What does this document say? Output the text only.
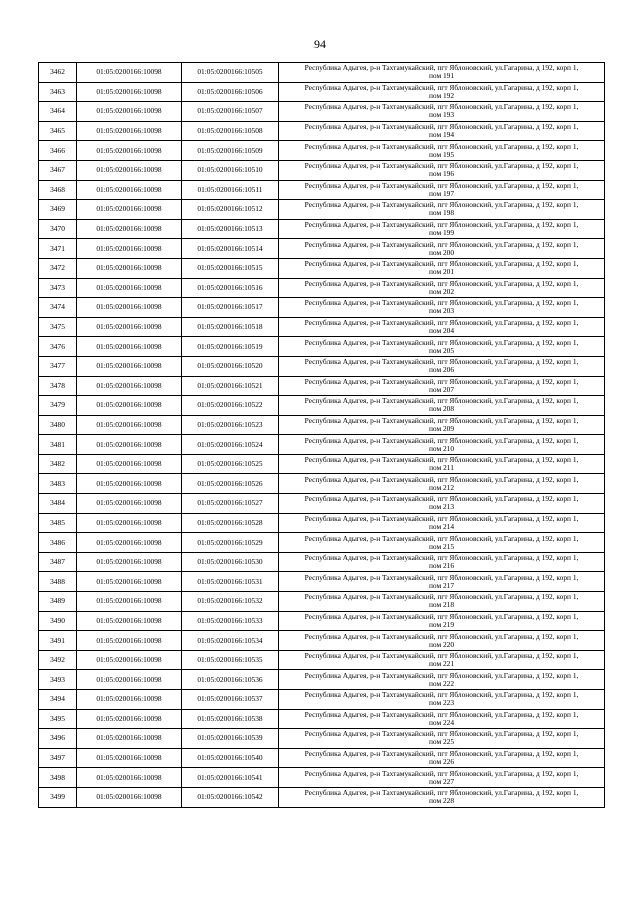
94
3462	01:05:0200166:10098	01:05:0200166:10505	Республика Адыгея, р-н Тахтамукайский, пгт Яблоновский, ул.Гагарина, д 192, корп 1,
пом 191

3463	01:05:0200166:10098	01:05:0200166:10506	Республика Адыгея, р-н Тахтамукайский, пгт Яблоновский, ул.Гагарина, д 192, корп 1,
пом 192

3464	01:05:0200166:10098	01:05:0200166:10507	Республика Адыгея, р-н Тахтамукайский, пгт Яблоновский, ул.Гагарина, д 192, корп 1,
пом 193

3465	01:05:0200166:10098	01:05:0200166:10508	Республика Адыгея, р-н Тахтамукайский, пгт Яблоновский, ул.Гагарина, д 192, корп 1,
пом 194

3466	01:05:0200166:10098	01:05:0200166:10509	Республика Адыгея, р-н Тахтамукайский, пгт Яблоновский, ул.Гагарина, д 192, корп 1,
пом 195

3467	01:05:0200166:10098	01:05:0200166:10510	Республика Адыгея, р-н Тахтамукайский, пгт Яблоновский, ул.Гагарина, д 192, корп 1,
пом 196

3468	01:05:0200166:10098	01:05:0200166:10511	Республика Адыгея, р-н Тахтамукайский, пгт Яблоновский, ул.Гагарина, д 192, корп 1,
пом 197

3469	01:05:0200166:10098	01:05:0200166:10512	Республика Адыгея, р-н Тахтамукайский, пгт Яблоновский, ул.Гагарина, д 192, корп 1,
пом 198

3470	01:05:0200166:10098	01:05:0200166:10513	Республика Адыгея, р-н Тахтамукайский, пгт Яблоновский, ул.Гагарина, д 192, корп 1,
пом 199

3471	01:05:0200166:10098	01:05:0200166:10514	Республика Адыгея, р-н Тахтамукайский, пгт Яблоновский, ул.Гагарина, д 192, корп 1,
пом 200

3472	01:05:0200166:10098	01:05:0200166:10515	Республика Адыгея, р-н Тахтамукайский, пгт Яблоновский, ул.Гагарина, д 192, корп 1,
пом 201

3473	01:05:0200166:10098	01:05:0200166:10516	Республика Адыгея, р-н Тахтамукайский, пгт Яблоновский, ул.Гагарина, д 192, корп 1,
пом 202

3474	01:05:0200166:10098	01:05:0200166:10517	Республика Адыгея, р-н Тахтамукайский, пгт Яблоновский, ул.Гагарина, д 192, корп 1,
пом 203

3475	01:05:0200166:10098	01:05:0200166:10518	Республика Адыгея, р-н Тахтамукайский, пгт Яблоновский, ул.Гагарина, д 192, корп 1,
пом 204

3476	01:05:0200166:10098	01:05:0200166:10519	Республика Адыгея, р-н Тахтамукайский, пгт Яблоновский, ул.Гагарина, д 192, корп 1,
пом 205

3477	01:05:0200166:10098	01:05:0200166:10520	Республика Адыгея, р-н Тахтамукайский, пгт Яблоновский, ул.Гагарина, д 192, корп 1,
пом 206

3478	01:05:0200166:10098	01:05:0200166:10521	Республика Адыгея, р-н Тахтамукайский, пгт Яблоновский, ул.Гагарина, д 192, корп 1,
пом 207

3479	01:05:0200166:10098	01:05:0200166:10522	Республика Адыгея, р-н Тахтамукайский, пгт Яблоновский, ул.Гагарина, д 192, корп 1,
пом 208

3480	01:05:0200166:10098	01:05:0200166:10523	Республика Адыгея, р-н Тахтамукайский, пгт Яблоновский, ул.Гагарина, д 192, корп 1,
пом 209

3481	01:05:0200166:10098	01:05:0200166:10524	Республика Адыгея, р-н Тахтамукайский, пгт Яблоновский, ул.Гагарина, д 192, корп 1,
пом 210

3482	01:05:0200166:10098	01:05:0200166:10525	Республика Адыгея, р-н Тахтамукайский, пгт Яблоновский, ул.Гагарина, д 192, корп 1,
пом 211

3483	01:05:0200166:10098	01:05:0200166:10526	Республика Адыгея, р-н Тахтамукайский, пгт Яблоновский, ул.Гагарина, д 192, корп 1,
пом 212

3484	01:05:0200166:10098	01:05:0200166:10527	Республика Адыгея, р-н Тахтамукайский, пгт Яблоновский, ул.Гагарина, д 192, корп 1,
пом 213

3485	01:05:0200166:10098	01:05:0200166:10528	Республика Адыгея, р-н Тахтамукайский, пгт Яблоновский, ул.Гагарина, д 192, корп 1,
пом 214

3486	01:05:0200166:10098	01:05:0200166:10529	Республика Адыгея, р-н Тахтамукайский, пгт Яблоновский, ул.Гагарина, д 192, корп 1,
пом 215

3487	01:05:0200166:10098	01:05:0200166:10530	Республика Адыгея, р-н Тахтамукайский, пгт Яблоновский, ул.Гагарина, д 192, корп 1,
пом 216

3488	01:05:0200166:10098	01:05:0200166:10531	Республика Адыгея, р-н Тахтамукайский, пгт Яблоновский, ул.Гагарина, д 192, корп 1,
пом 217

3489	01:05:0200166:10098	01:05:0200166:10532	Республика Адыгея, р-н Тахтамукайский, пгт Яблоновский, ул.Гагарина, д 192, корп 1,
пом 218

3490	01:05:0200166:10098	01:05:0200166:10533	Республика Адыгея, р-н Тахтамукайский, пгт Яблоновский, ул.Гагарина, д 192, корп 1,
пом 219

3491	01:05:0200166:10098	01:05:0200166:10534	Республика Адыгея, р-н Тахтамукайский, пгт Яблоновский, ул.Гагарина, д 192, корп 1,
пом 220

3492	01:05:0200166:10098	01:05:0200166:10535	Республика Адыгея, р-н Тахтамукайский, пгт Яблоновский, ул.Гагарина, д 192, корп 1,
пом 221

3493	01:05:0200166:10098	01:05:0200166:10536	Республика Адыгея, р-н Тахтамукайский, пгт Яблоновский, ул.Гагарина, д 192, корп 1,
пом 222

3494	01:05:0200166:10098	01:05:0200166:10537	Республика Адыгея, р-н Тахтамукайский, пгт Яблоновский, ул.Гагарина, д 192, корп 1,
пом 223

3495	01:05:0200166:10098	01:05:0200166:10538	Республика Адыгея, р-н Тахтамукайский, пгт Яблоновский, ул.Гагарина, д 192, корп 1,
пом 224

3496	01:05:0200166:10098	01:05:0200166:10539	Республика Адыгея, р-н Тахтамукайский, пгт Яблоновский, ул.Гагарина, д 192, корп 1,
пом 225

3497	01:05:0200166:10098	01:05:0200166:10540	Республика Адыгея, р-н Тахтамукайский, пгт Яблоновский, ул.Гагарина, д 192, корп 1,
пом 226

3498	01:05:0200166:10098	01:05:0200166:10541	Республика Адыгея, р-н Тахтамукайский, пгт Яблоновский, ул.Гагарина, д 192, корп 1,
пом 227

3499	01:05:0200166:10098	01:05:0200166:10542	Республика Адыгея, р-н Тахтамукайский, пгт Яблоновский, ул.Гагарина, д 192, корп 1,
пом 228
